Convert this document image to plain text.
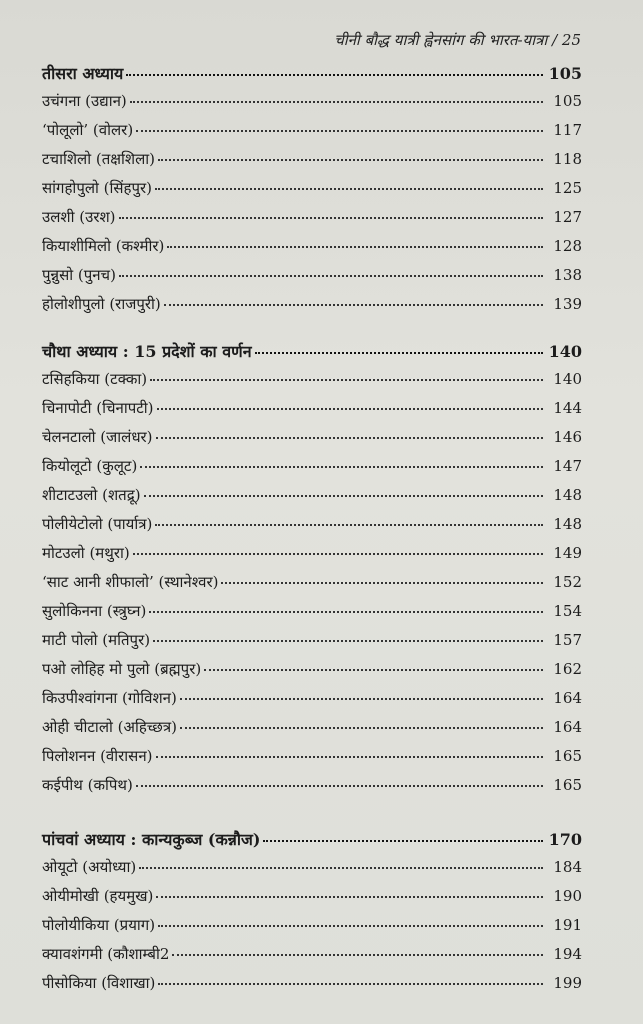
चीनी बौद्ध यात्री ह्वेनसांग की भारत-यात्रा / 25
तीसरा अध्याय	105
उचंगना (उद्यान)	105
‘पोलूलो’ (वोलर)	117
टचाशिलो (तक्षशिला)	118
सांगहोपुलो (सिंहपुर)	125
उलशी (उरश)	127
कियाशीमिलो (कश्मीर)	128
पुन्नुसो (पुनच)	138
होलोशीपुलो (राजपुरी)	139
चौथा अध्याय : 15 प्रदेशों का वर्णन	140
टसिहकिया (टक्का)	140
चिनापोटी (चिनापटी)	144
चेलनटालो (जालंधर)	146
कियोलूटो (कुलूट)	147
शीटाटउलो (शतद्रू)	148
पोलीयेटोलो (पार्यात्र)	148
मोटउलो (मथुरा)	149
‘साट आनी शीफालो’ (स्थानेश्वर)	152
सुलोकिनना (स्त्रुघ्न)	154
माटी पोलो (मतिपुर)	157
पओ लोहिह मो पुलो (ब्रह्मपुर)	162
किउपीश्वांगना (गोविशन)	164
ओही चीटालो (अहिच्छत्र)	164
पिलोशनन (वीरासन)	165
कईपीथ (कपिथ)	165
पांचवां अध्याय : कान्यकुब्ज (कन्नौज)	170
ओयूटो (अयोध्या)	184
ओयीमोखी (हयमुख)	190
पोलोयीकिया (प्रयाग)	191
क्यावशंगमी (कौशाम्बी2	194
पीसोकिया (विशाखा)	199
